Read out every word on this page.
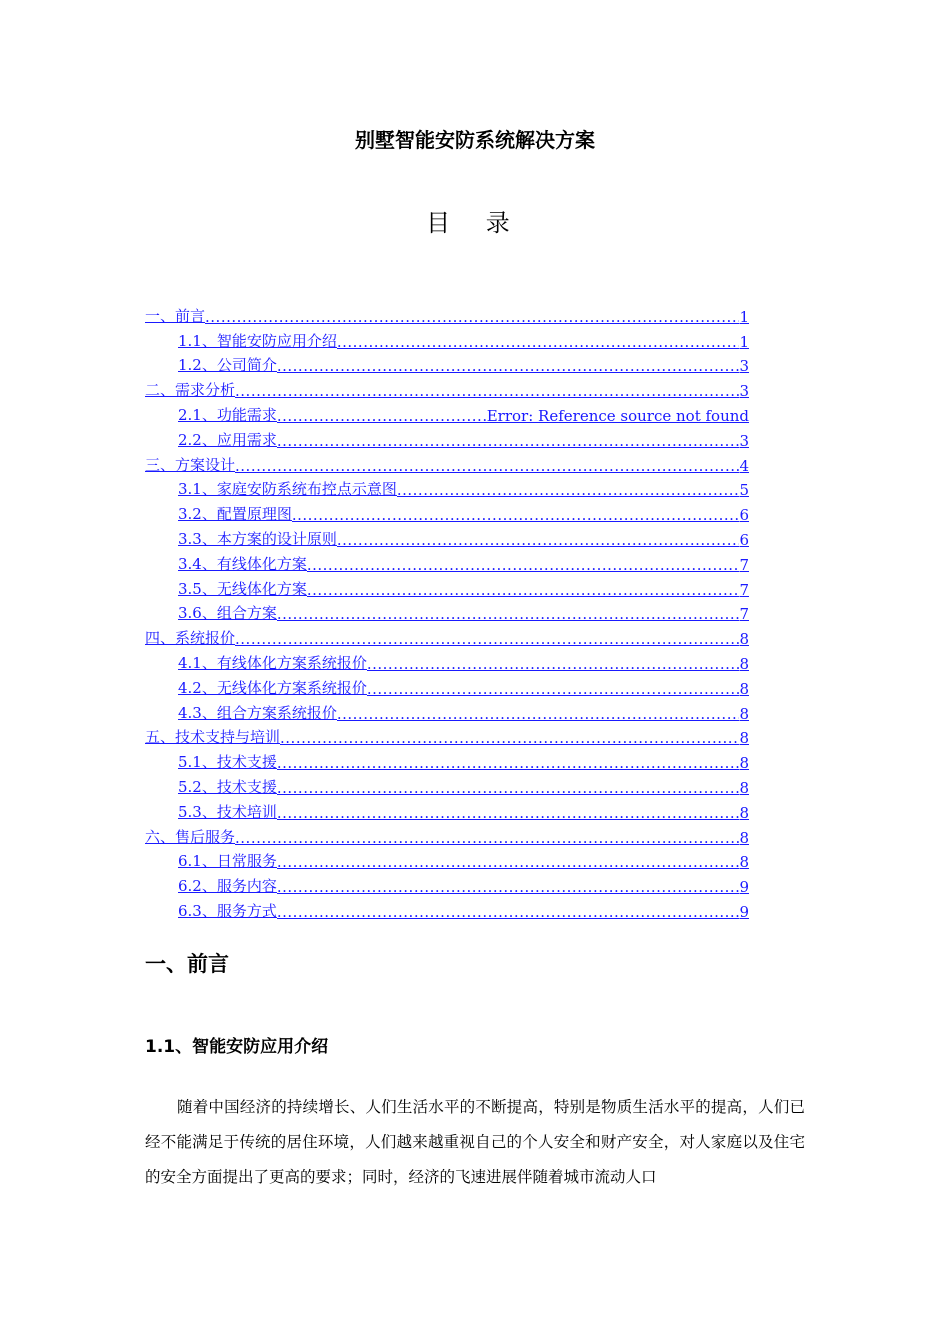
别墅智能安防系统解决方案
目 录
一、前言 .....	1
1.1、智能安防应用介绍 .....	1
1.2、公司简介 .....	3
二、需求分析 .....	3
2.1、功能需求 .....	Error: Reference source not found
2.2、应用需求 .....	3
三、方案设计 .....	4
3.1、家庭安防系统布控点示意图 .....	5
3.2、配置原理图 .....	6
3.3、本方案的设计原则 .....	6
3.4、有线体化方案 .....	7
3.5、无线体化方案 .....	7
3.6、组合方案 .....	7
四、系统报价 .....	8
4.1、有线体化方案系统报价 .....	8
4.2、无线体化方案系统报价 .....	8
4.3、组合方案系统报价 .....	8
五、技术支持与培训 .....	8
5.1、技术支援 .....	8
5.2、技术支援 .....	8
5.3、技术培训 .....	8
六、售后服务 .....	8
6.1、日常服务 .....	8
6.2、服务内容 .....	9
6.3、服务方式 .....	9
一、前言
1.1、智能安防应用介绍
随着中国经济的持续增长、人们生活水平的不断提高，特别是物质生活水平的提高，人们已经不能满足于传统的居住环境，人们越来越重视自己的个人安全和财产安全，对人家庭以及住宅的安全方面提出了更高的要求；同时，经济的飞速进展伴随着城市流动人口
